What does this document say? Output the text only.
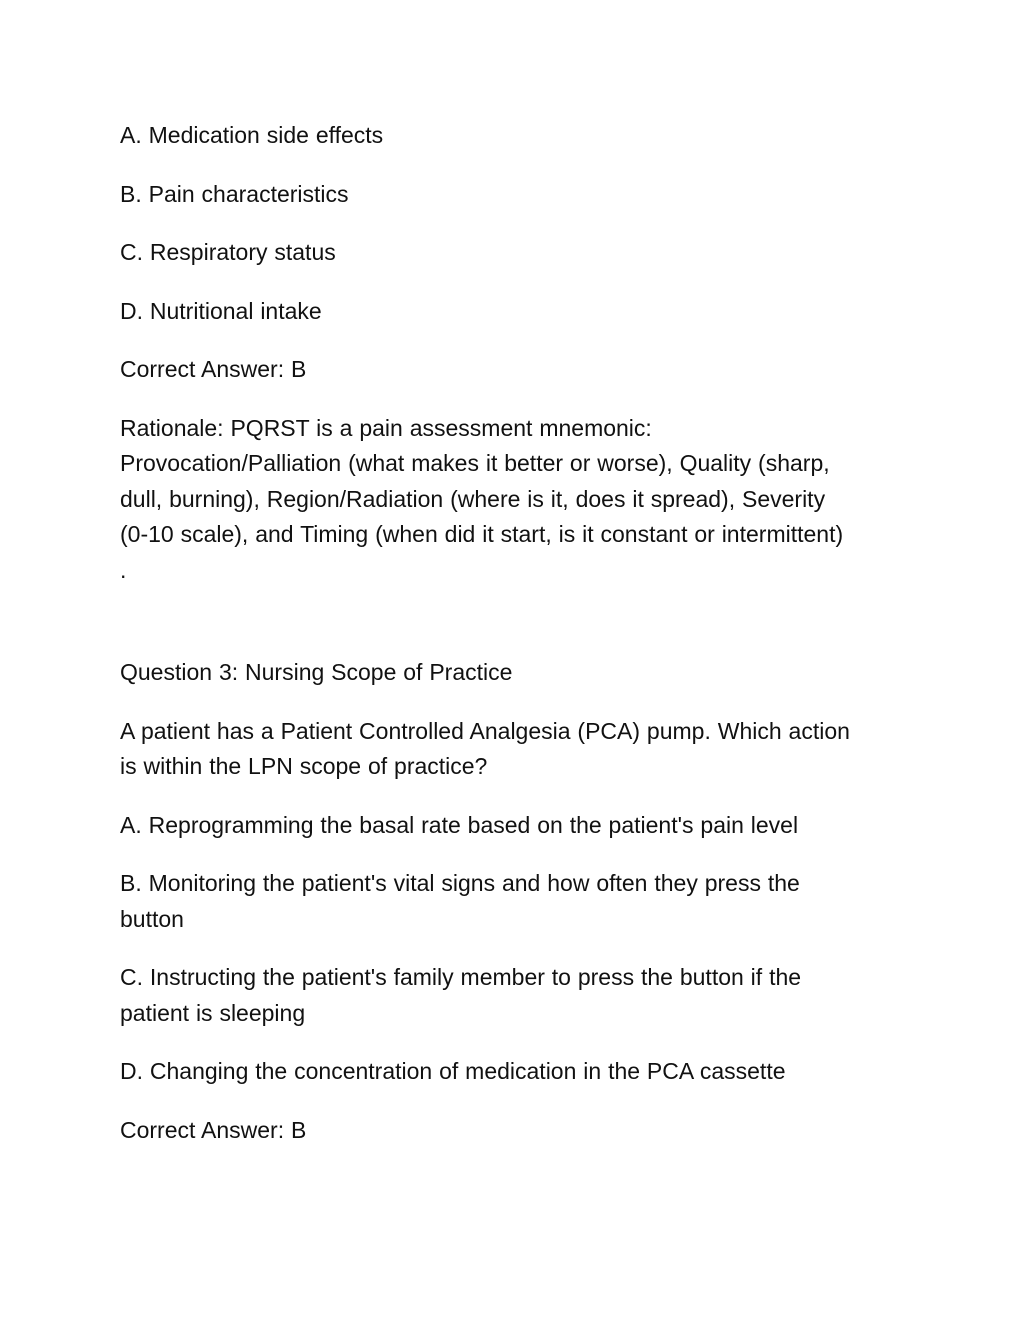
A. Medication side effects

B. Pain characteristics

C. Respiratory status

D. Nutritional intake

Correct Answer: B

Rationale: PQRST is a pain assessment mnemonic:
Provocation/Palliation (what makes it better or worse), Quality (sharp,
dull, burning), Region/Radiation (where is it, does it spread), Severity
(0-10 scale), and Timing (when did it start, is it constant or intermittent)
.

Question 3: Nursing Scope of Practice

A patient has a Patient Controlled Analgesia (PCA) pump. Which action
is within the LPN scope of practice?

A. Reprogramming the basal rate based on the patient's pain level

B. Monitoring the patient's vital signs and how often they press the
button

C. Instructing the patient's family member to press the button if the
patient is sleeping

D. Changing the concentration of medication in the PCA cassette

Correct Answer: B
